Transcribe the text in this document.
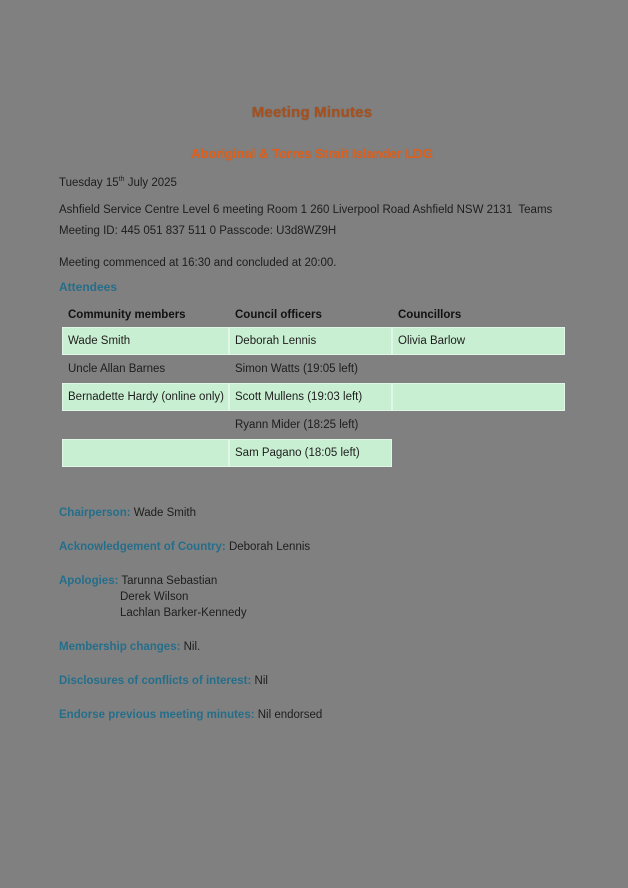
Meeting Minutes
Aboriginal & Torres Strait Islander LDG

Tuesday 15th July 2025

Ashfield Service Centre Level 6 meeting Room 1 260 Liverpool Road Ashfield NSW 2131  Teams Meeting ID: 445 051 837 511 0 Passcode: U3d8WZ9H

Meeting commenced at 16:30 and concluded at 20:00.

Attendees
Community members	Council officers	Councillors
Wade Smith	Deborah Lennis	Olivia Barlow
Uncle Allan Barnes	Simon Watts (19:05 left)	
Bernadette Hardy (online only)	Scott Mullens (19:03 left)	
	Ryann Mider (18:25 left)	
	Sam Pagano (18:05 left)	
Chairperson: Wade Smith
Acknowledgement of Country: Deborah Lennis
Apologies: Tarunna Sebastian
Derek Wilson
Lachlan Barker-Kennedy
Membership changes: Nil.
Disclosures of conflicts of interest: Nil
Endorse previous meeting minutes: Nil endorsed
